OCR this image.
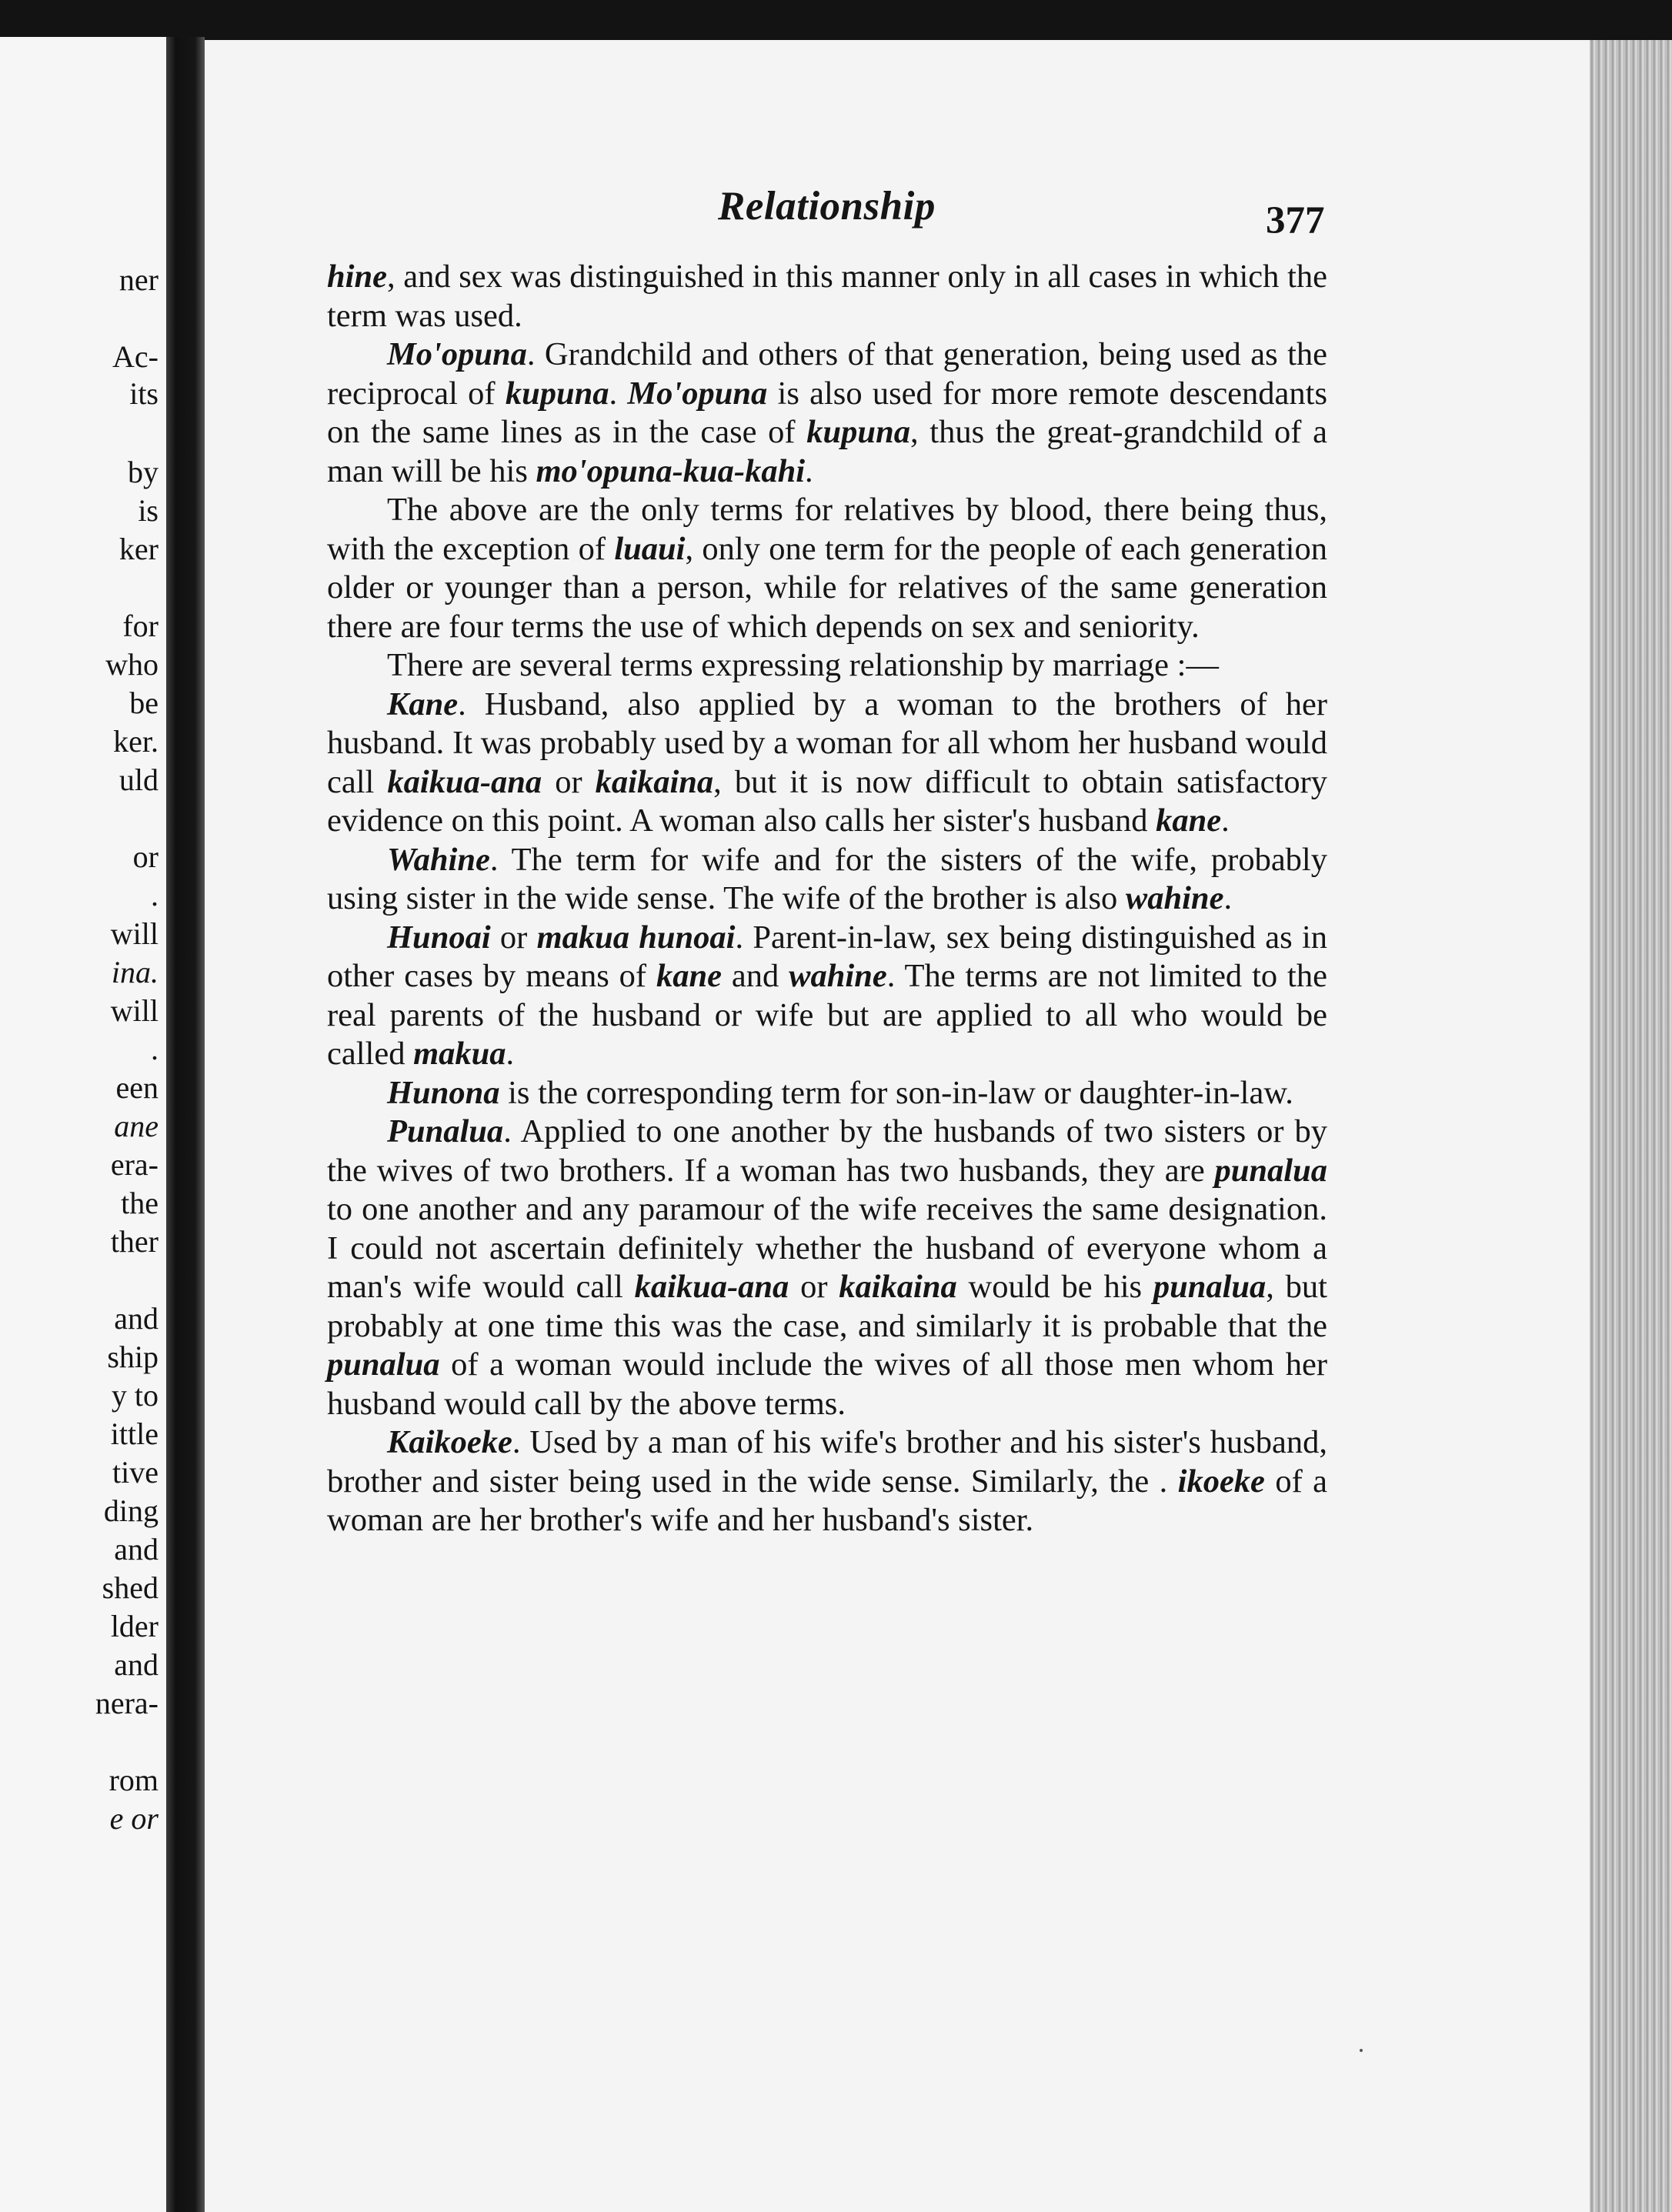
ner
Ac-
its
by
is
ker
for
who
be
ker.
uld
or
.
will
ina.
will
.
een
ane
era-
the
ther
and
ship
y to
ittle
tive
ding
and
shed
lder
and
nera-
rom
e or
Relationship	377

hine, and sex was distinguished in this manner only in all cases in which the term was used.

Mo'opuna. Grandchild and others of that generation, being used as the reciprocal of kupuna. Mo'opuna is also used for more remote descendants on the same lines as in the case of kupuna, thus the great-grandchild of a man will be his mo'opuna-kua-kahi.

The above are the only terms for relatives by blood, there being thus, with the exception of luaui, only one term for the people of each generation older or younger than a person, while for relatives of the same generation there are four terms the use of which depends on sex and seniority.

There are several terms expressing relationship by marriage :—

Kane. Husband, also applied by a woman to the brothers of her husband. It was probably used by a woman for all whom her husband would call kaikua-ana or kaikaina, but it is now difficult to obtain satisfactory evidence on this point. A woman also calls her sister's husband kane.

Wahine. The term for wife and for the sisters of the wife, probably using sister in the wide sense. The wife of the brother is also wahine.

Hunoai or makua hunoai. Parent-in-law, sex being distinguished as in other cases by means of kane and wahine. The terms are not limited to the real parents of the husband or wife but are applied to all who would be called makua.

Hunona is the corresponding term for son-in-law or daughter-in-law.

Punalua. Applied to one another by the husbands of two sisters or by the wives of two brothers. If a woman has two husbands, they are punalua to one another and any paramour of the wife receives the same designation. I could not ascertain definitely whether the husband of everyone whom a man's wife would call kaikua-ana or kaikaina would be his punalua, but probably at one time this was the case, and similarly it is probable that the punalua of a woman would include the wives of all those men whom her husband would call by the above terms.

Kaikoeke. Used by a man of his wife's brother and his sister's husband, brother and sister being used in the wide sense. Similarly, the . ikoeke of a woman are her brother's wife and her husband's sister.
